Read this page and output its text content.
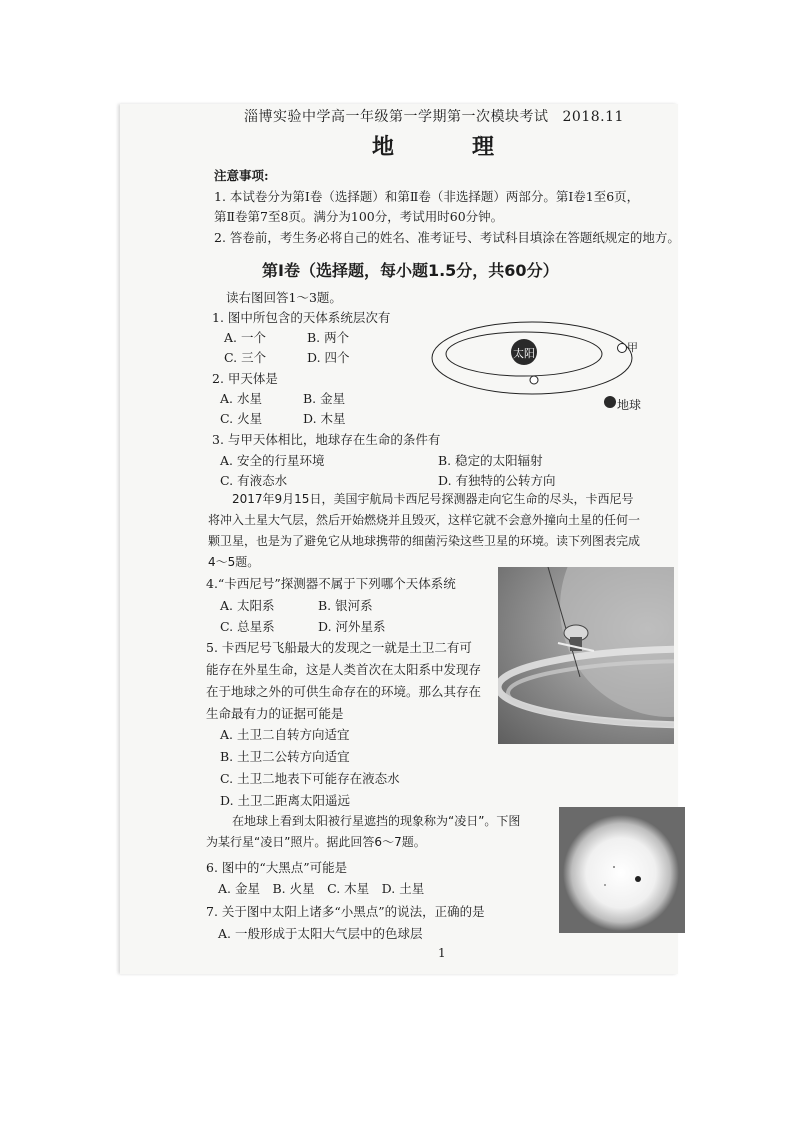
淄博实验中学高一年级第一学期第一次模块考试 2018.11
地　理
注意事项:
1. 本试卷分为第Ⅰ卷（选择题）和第Ⅱ卷（非选择题）两部分。第Ⅰ卷1至6页，
第Ⅱ卷第7至8页。满分为100分，考试用时60分钟。
2. 答卷前，考生务必将自己的姓名、准考证号、考试科目填涂在答题纸规定的地方。
第Ⅰ卷（选择题，每小题1.5分，共60分）
读右图回答1～3题。
1. 图中所包含的天体系统层次有
A. 一个	B. 两个
C. 三个	D. 四个
2. 甲天体是
A. 水星	B. 金星
C. 火星	D. 木星
太阳	甲
地球
3. 与甲天体相比，地球存在生命的条件有
A. 安全的行星环境	B. 稳定的太阳辐射
C. 有液态水	D. 有独特的公转方向
2017年9月15日，美国宇航局卡西尼号探测器走向它生命的尽头，卡西尼号
将冲入土星大气层，然后开始燃烧并且毁灭，这样它就不会意外撞向土星的任何一
颗卫星，也是为了避免它从地球携带的细菌污染这些卫星的环境。读下列图表完成
4～5题。
4.“卡西尼号”探测器不属于下列哪个天体系统
A. 太阳系	B. 银河系
C. 总星系	D. 河外星系
5. 卡西尼号飞船最大的发现之一就是土卫二有可
能存在外星生命，这是人类首次在太阳系中发现存
在于地球之外的可供生命存在的环境。那么其存在
生命最有力的证据可能是
A. 土卫二自转方向适宜
B. 土卫二公转方向适宜
C. 土卫二地表下可能存在液态水
D. 土卫二距离太阳遥远
在地球上看到太阳被行星遮挡的现象称为“凌日”。下图
为某行星“凌日”照片。据此回答6～7题。
6. 图中的“大黑点”可能是
A. 金星　B. 火星　C. 木星　D. 土星
7. 关于图中太阳上诸多“小黑点”的说法，正确的是
A. 一般形成于太阳大气层中的色球层
1
